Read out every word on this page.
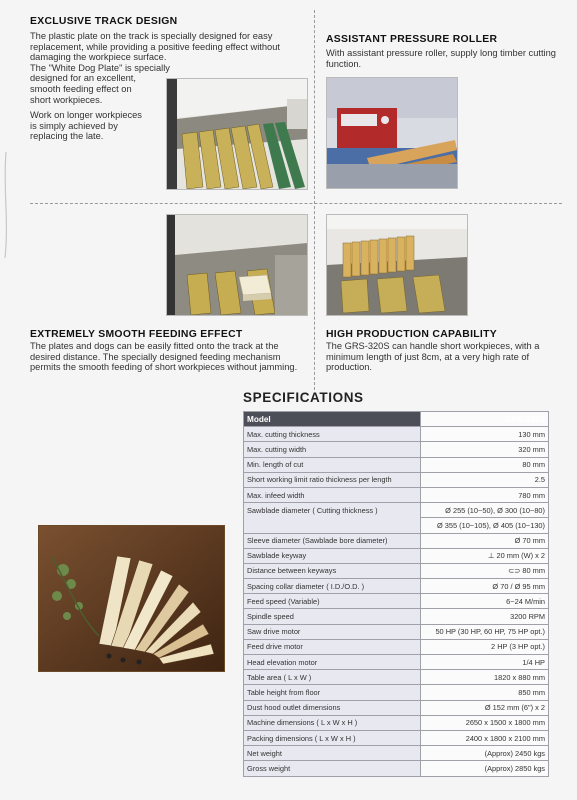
EXCLUSIVE TRACK DESIGN
The plastic plate on the track is specially designed for easy replacement, while providing a positive feeding effect without damaging the workpiece surface.
The "White Dog Plate" is specially
designed for an excellent,
smooth feeding effect on
short workpieces.
Work on longer workpieces
is simply achieved by
replacing the late.
ASSISTANT PRESSURE ROLLER
With assistant pressure roller, supply long timber cutting function.
EXTREMELY SMOOTH FEEDING EFFECT
The plates and dogs can be easily fitted onto the track at the desired distance. The specially designed feeding mechanism permits the smooth feeding of short workpieces without jamming.
HIGH PRODUCTION CAPABILITY
The GRS-320S can handle short workpieces, with a minimum length of just 8cm, at a very high rate of production.
SPECIFICATIONS
Model	GRS-320S
Max. cutting thickness	130 mm
Max. cutting width	320 mm
Min. length of cut	80 mm
Short working limit ratio thickness per length	2.5
Max. infeed width	780 mm
Sawblade diameter ( Cutting thickness )	Ø 255 (10~50), Ø 300 (10~80)
	Ø 355 (10~105), Ø 405 (10~130)
Sleeve diameter (Sawblade bore diameter)	Ø 70 mm
Sawblade keyway	⊥ 20 mm (W) x 2
Distance between keyways	⊂⊃ 80 mm
Spacing collar diameter ( I.D./O.D. )	Ø 70 / Ø 95 mm
Feed speed (Variable)	6~24 M/min
Spindle speed	3200 RPM
Saw drive motor	50 HP (30 HP, 60 HP, 75 HP opt.)
Feed drive motor	2 HP (3 HP opt.)
Head elevation motor	1/4 HP
Table area ( L x W )	1820 x 880 mm
Table height from floor	850 mm
Dust hood outlet dimensions	Ø 152 mm (6") x 2
Machine dimensions ( L x W x H )	2650 x 1500 x 1800 mm
Packing dimensions ( L x W x H )	2400 x 1800 x 2100 mm
Net weight	(Approx) 2450 kgs
Gross weight	(Approx) 2850 kgs
